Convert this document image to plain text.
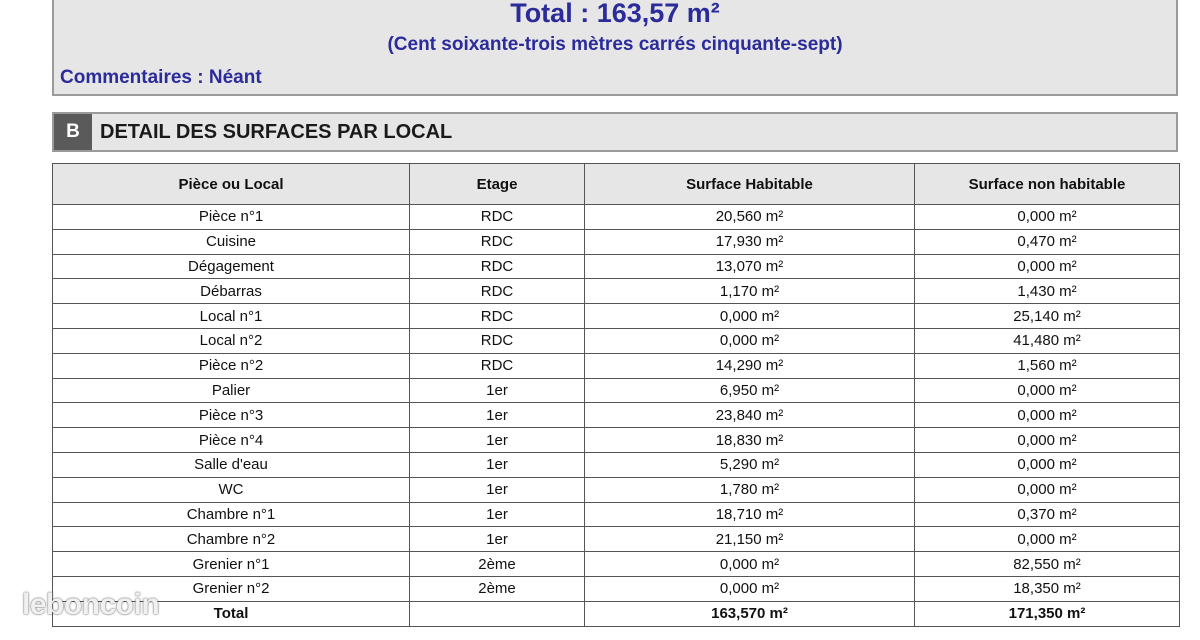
Total : 163,57 m²
(Cent soixante-trois mètres carrés cinquante-sept)
Commentaires : Néant
B	DETAIL DES SURFACES PAR LOCAL
Pièce ou Local	Etage	Surface Habitable	Surface non habitable
Pièce n°1	RDC	20,560 m²	0,000 m²
Cuisine	RDC	17,930 m²	0,470 m²
Dégagement	RDC	13,070 m²	0,000 m²
Débarras	RDC	1,170 m²	1,430 m²
Local n°1	RDC	0,000 m²	25,140 m²
Local n°2	RDC	0,000 m²	41,480 m²
Pièce n°2	RDC	14,290 m²	1,560 m²
Palier	1er	6,950 m²	0,000 m²
Pièce n°3	1er	23,840 m²	0,000 m²
Pièce n°4	1er	18,830 m²	0,000 m²
Salle d'eau	1er	5,290 m²	0,000 m²
WC	1er	1,780 m²	0,000 m²
Chambre n°1	1er	18,710 m²	0,370 m²
Chambre n°2	1er	21,150 m²	0,000 m²
Grenier n°1	2ème	0,000 m²	82,550 m²
Grenier n°2	2ème	0,000 m²	18,350 m²
Total		163,570 m²	171,350 m²
leboncoin
